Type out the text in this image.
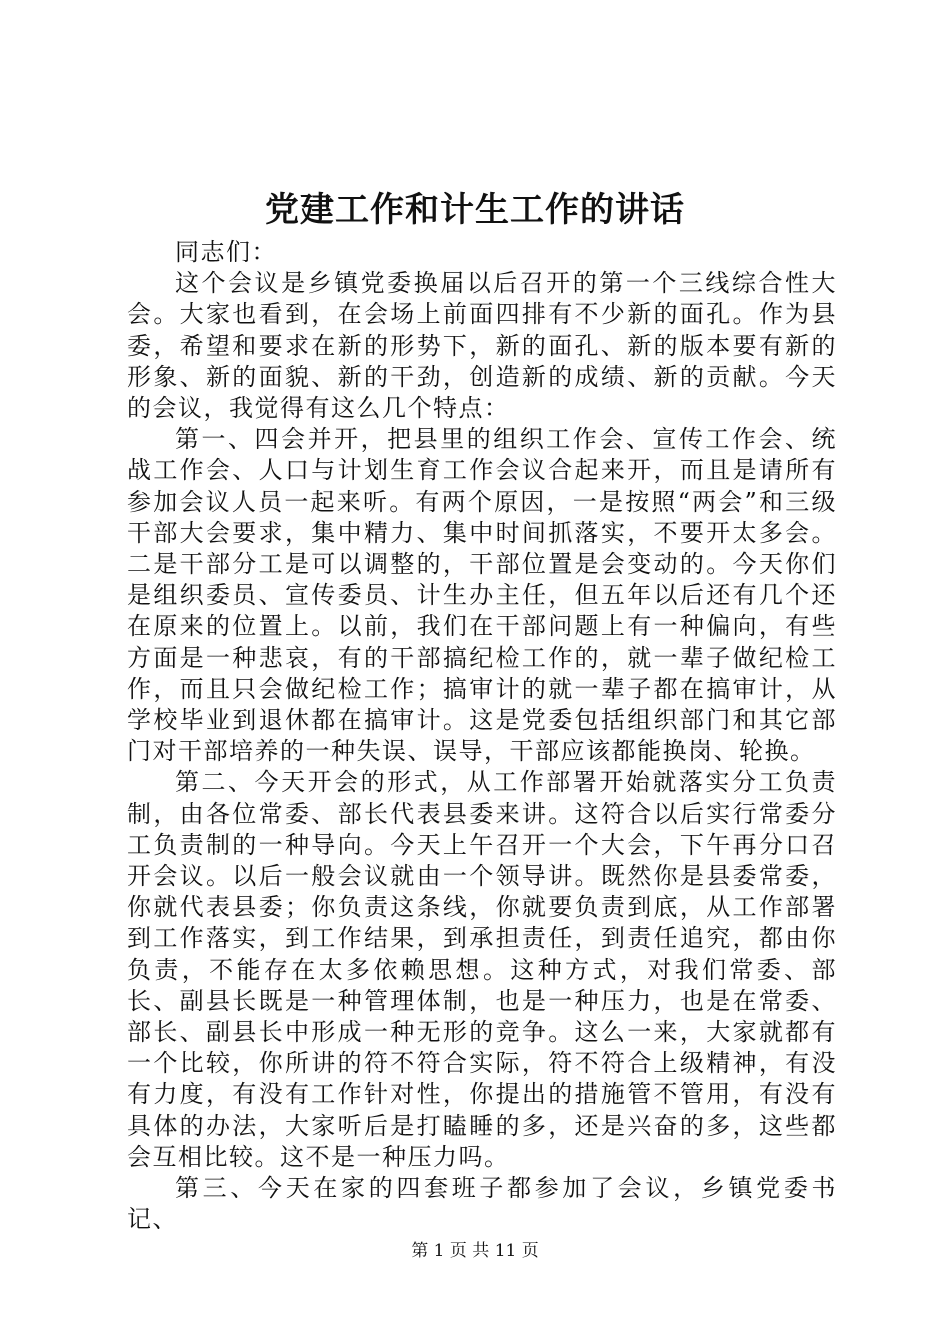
党建工作和计生工作的讲话

同志们：

这个会议是乡镇党委换届以后召开的第一个三线综合性大会。大家也看到，在会场上前面四排有不少新的面孔。作为县委，希望和要求在新的形势下，新的面孔、新的版本要有新的形象、新的面貌、新的干劲，创造新的成绩、新的贡献。今天的会议，我觉得有这么几个特点：

第一、四会并开，把县里的组织工作会、宣传工作会、统战工作会、人口与计划生育工作会议合起来开，而且是请所有参加会议人员一起来听。有两个原因，一是按照“两会”和三级干部大会要求，集中精力、集中时间抓落实，不要开太多会。二是干部分工是可以调整的，干部位置是会变动的。今天你们是组织委员、宣传委员、计生办主任，但五年以后还有几个还在原来的位置上。以前，我们在干部问题上有一种偏向，有些方面是一种悲哀，有的干部搞纪检工作的，就一辈子做纪检工作，而且只会做纪检工作；搞审计的就一辈子都在搞审计，从学校毕业到退休都在搞审计。这是党委包括组织部门和其它部门对干部培养的一种失误、误导，干部应该都能换岗、轮换。

第二、今天开会的形式，从工作部署开始就落实分工负责制，由各位常委、部长代表县委来讲。这符合以后实行常委分工负责制的一种导向。今天上午召开一个大会，下午再分口召开会议。以后一般会议就由一个领导讲。既然你是县委常委，你就代表县委；你负责这条线，你就要负责到底，从工作部署到工作落实，到工作结果，到承担责任，到责任追究，都由你负责，不能存在太多依赖思想。这种方式，对我们常委、部长、副县长既是一种管理体制，也是一种压力，也是在常委、部长、副县长中形成一种无形的竞争。这么一来，大家就都有一个比较，你所讲的符不符合实际，符不符合上级精神，有没有力度，有没有工作针对性，你提出的措施管不管用，有没有具体的办法，大家听后是打瞌睡的多，还是兴奋的多，这些都会互相比较。这不是一种压力吗。

第三、今天在家的四套班子都参加了会议，乡镇党委书记、

第 1 页 共 11 页
